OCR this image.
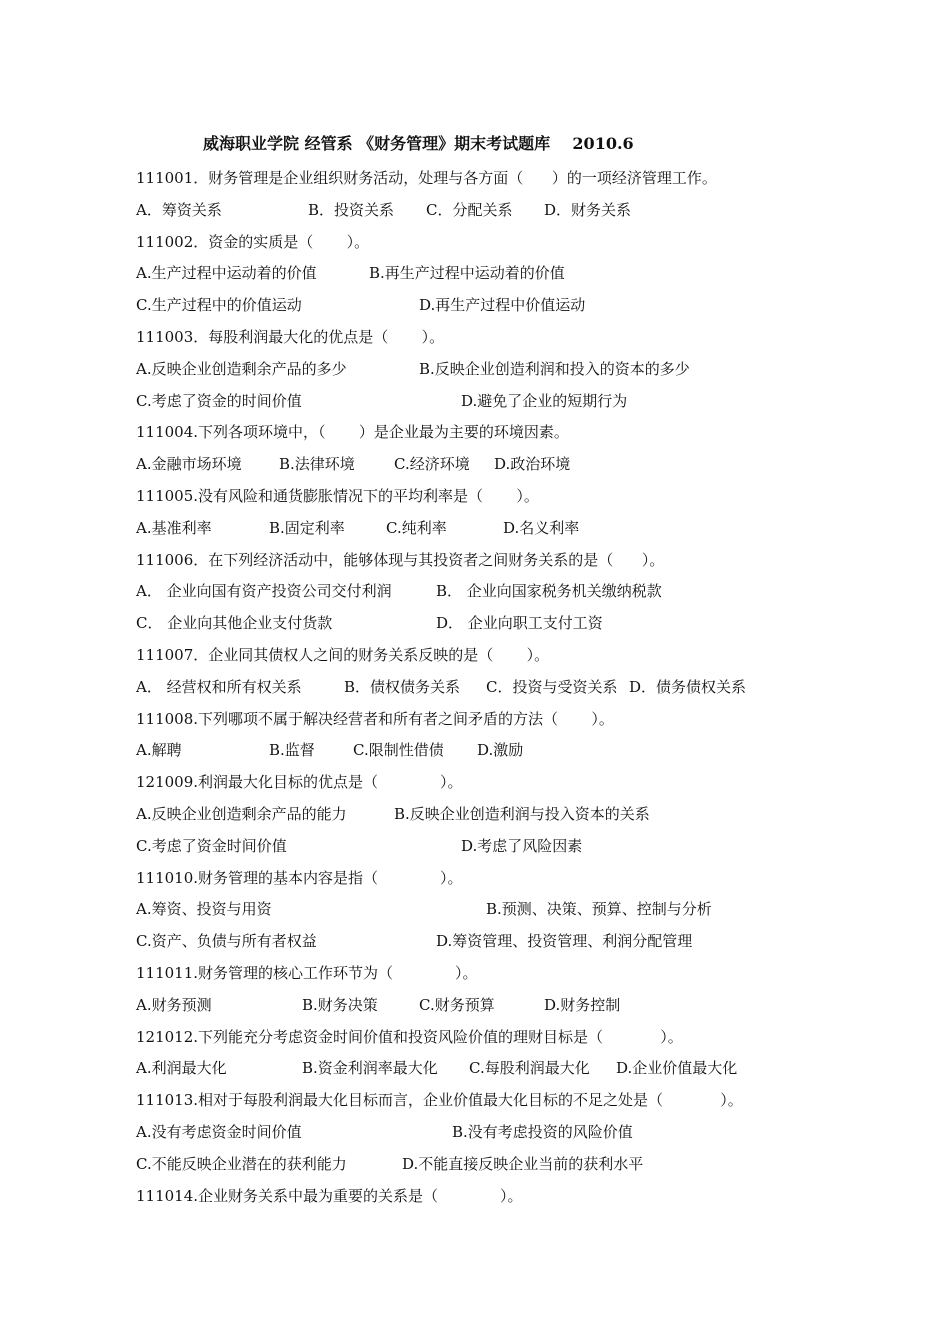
威海职业学院 经管系 《财务管理》期末考试题库    2010.6
111001．财务管理是企业组织财务活动，处理与各方面（      ）的一项经济管理工作。
A．筹资关系	B．投资关系 C．分配关系 D．财务关系
111002．资金的实质是（       ）。
A.生产过程中运动着的价值	B.再生产过程中运动着的价值
C.生产过程中的价值运动	D.再生产过程中价值运动
111003．每股利润最大化的优点是（       ）。
A.反映企业创造剩余产品的多少	B.反映企业创造利润和投入的资本的多少
C.考虑了资金的时间价值	D.避免了企业的短期行为
111004.下列各项环境中，（       ）是企业最为主要的环境因素。
A.金融市场环境 B.法律环境	C.经济环境 D.政治环境
111005.没有风险和通货膨胀情况下的平均利率是（       ）。
A.基准利率	B.固定利率	C.纯利率	D.名义利率
111006．在下列经济活动中，能够体现与其投资者之间财务关系的是（      ）。
A． 企业向国有资产投资公司交付利润	B． 企业向国家税务机关缴纳税款
C． 企业向其他企业支付货款	D． 企业向职工支付工资
111007．企业同其债权人之间的财务关系反映的是（       ）。
A． 经营权和所有权关系	B．债权债务关系 C．投资与受资关系 D．债务债权关系
111008.下列哪项不属于解决经营者和所有者之间矛盾的方法（       ）。
A.解聘	B.监督	C.限制性借债 D.激励
121009.利润最大化目标的优点是（             ）。
A.反映企业创造剩余产品的能力	B.反映企业创造利润与投入资本的关系
C.考虑了资金时间价值	D.考虑了风险因素
111010.财务管理的基本内容是指（             ）。
A.筹资、投资与用资	B.预测、决策、预算、控制与分析
C.资产、负债与所有者权益	D.筹资管理、投资管理、利润分配管理
111011.财务管理的核心工作环节为（             ）。
A.财务预测	B.财务决策	C.财务预算	D.财务控制
121012.下列能充分考虑资金时间价值和投资风险价值的理财目标是（            ）。
A.利润最大化	B.资金利润率最大化 C.每股利润最大化 D.企业价值最大化
111013.相对于每股利润最大化目标而言，企业价值最大化目标的不足之处是（            ）。
A.没有考虑资金时间价值	B.没有考虑投资的风险价值
C.不能反映企业潜在的获利能力	D.不能直接反映企业当前的获利水平
111014.企业财务关系中最为重要的关系是（             ）。
